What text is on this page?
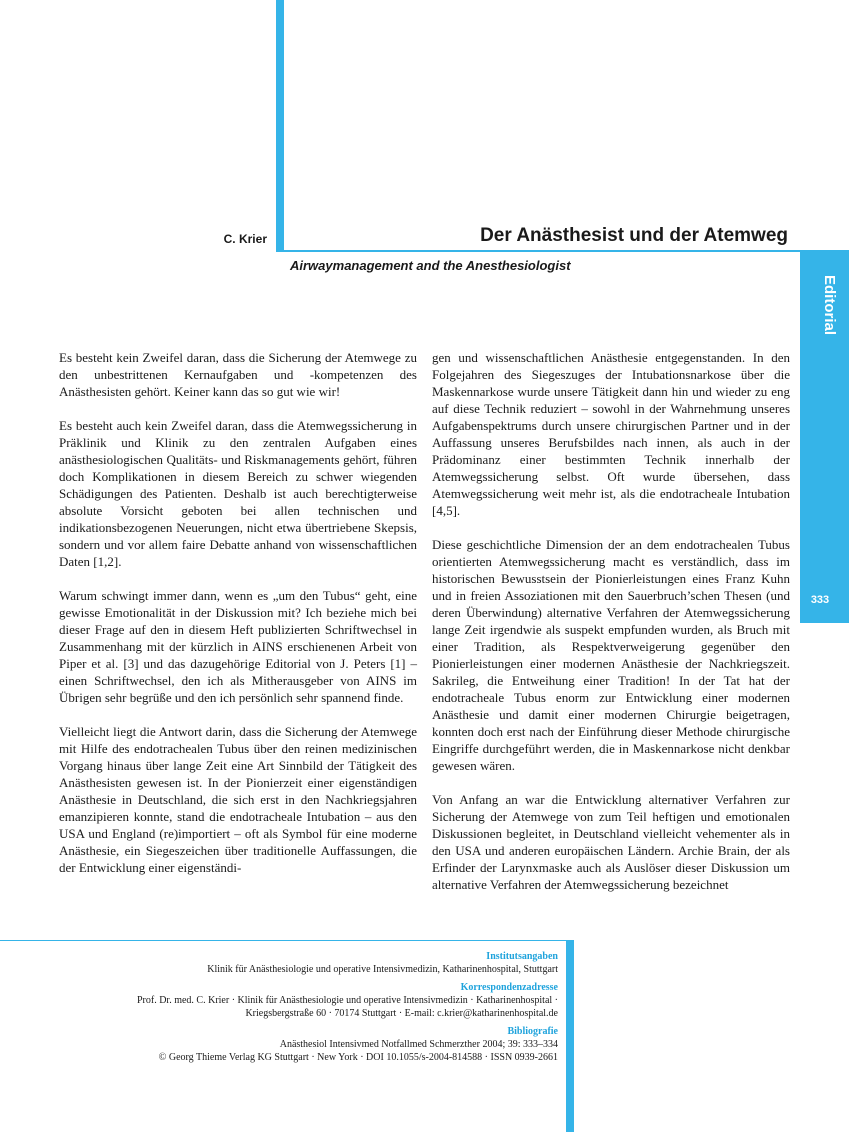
Editorial
333
C. Krier	Der Anästhesist und der Atemweg
Airwaymanagement and the Anesthesiologist

Es besteht kein Zweifel daran, dass die Sicherung der Atemwege zu den unbestrittenen Kernaufgaben und -kompetenzen des Anästhesisten gehört. Keiner kann das so gut wie wir!

Es besteht auch kein Zweifel daran, dass die Atemwegssicherung in Präklinik und Klinik zu den zentralen Aufgaben eines anästhesiologischen Qualitäts- und Riskmanagements gehört, führen doch Komplikationen in diesem Bereich zu schwer wiegenden Schädigungen des Patienten. Deshalb ist auch berechtigterweise absolute Vorsicht geboten bei allen technischen und indikationsbezogenen Neuerungen, nicht etwa übertriebene Skepsis, sondern und vor allem faire Debatte anhand von wissenschaftlichen Daten [1,2].

Warum schwingt immer dann, wenn es „um den Tubus“ geht, eine gewisse Emotionalität in der Diskussion mit? Ich beziehe mich bei dieser Frage auf den in diesem Heft publizierten Schriftwechsel in Zusammenhang mit der kürzlich in AINS erschienenen Arbeit von Piper et al. [3] und das dazugehörige Editorial von J. Peters [1] – einen Schriftwechsel, den ich als Mitherausgeber von AINS im Übrigen sehr begrüße und den ich persönlich sehr spannend finde.

Vielleicht liegt die Antwort darin, dass die Sicherung der Atemwege mit Hilfe des endotrachealen Tubus über den reinen medizinischen Vorgang hinaus über lange Zeit eine Art Sinnbild der Tätigkeit des Anästhesisten gewesen ist. In der Pionierzeit einer eigenständigen Anästhesie in Deutschland, die sich erst in den Nachkriegsjahren emanzipieren konnte, stand die endotracheale Intubation – aus den USA und England (re)importiert – oft als Symbol für eine moderne Anästhesie, ein Siegeszeichen über traditionelle Auffassungen, die der Entwicklung einer eigenständi-

gen und wissenschaftlichen Anästhesie entgegenstanden. In den Folgejahren des Siegeszuges der Intubationsnarkose über die Maskennarkose wurde unsere Tätigkeit dann hin und wieder zu eng auf diese Technik reduziert – sowohl in der Wahrnehmung unseres Aufgabenspektrums durch unsere chirurgischen Partner und in der Auffassung unseres Berufsbildes nach innen, als auch in der Prädominanz einer bestimmten Technik innerhalb der Atemwegssicherung selbst. Oft wurde übersehen, dass Atemwegssicherung weit mehr ist, als die endotracheale Intubation [4,5].

Diese geschichtliche Dimension der an dem endotrachealen Tubus orientierten Atemwegssicherung macht es verständlich, dass im historischen Bewusstsein der Pionierleistungen eines Franz Kuhn und in freien Assoziationen mit den Sauerbruch’schen Thesen (und deren Überwindung) alternative Verfahren der Atemwegssicherung lange Zeit irgendwie als suspekt empfunden wurden, als Bruch mit einer Tradition, als Respektverweigerung gegenüber den Pionierleistungen einer modernen Anästhesie der Nachkriegszeit. Sakrileg, die Entweihung einer Tradition! In der Tat hat der endotracheale Tubus enorm zur Entwicklung einer modernen Anästhesie und damit einer modernen Chirurgie beigetragen, konnten doch erst nach der Einführung dieser Methode chirurgische Eingriffe durchgeführt werden, die in Maskennarkose nicht denkbar gewesen wären.

Von Anfang an war die Entwicklung alternativer Verfahren zur Sicherung der Atemwege von zum Teil heftigen und emotionalen Diskussionen begleitet, in Deutschland vielleicht vehementer als in den USA und anderen europäischen Ländern. Archie Brain, der als Erfinder der Larynxmaske auch als Auslöser dieser Diskussion um alternative Verfahren der Atemwegssicherung bezeichnet

Institutsangaben
Klinik für Anästhesiologie und operative Intensivmedizin, Katharinenhospital, Stuttgart
Korrespondenzadresse
Prof. Dr. med. C. Krier · Klinik für Anästhesiologie und operative Intensivmedizin · Katharinenhospital ·
Kriegsbergstraße 60 · 70174 Stuttgart · E-mail: c.krier@katharinenhospital.de
Bibliografie
Anästhesiol Intensivmed Notfallmed Schmerzther 2004; 39: 333–334
© Georg Thieme Verlag KG Stuttgart · New York · DOI 10.1055/s-2004-814588 · ISSN 0939-2661
